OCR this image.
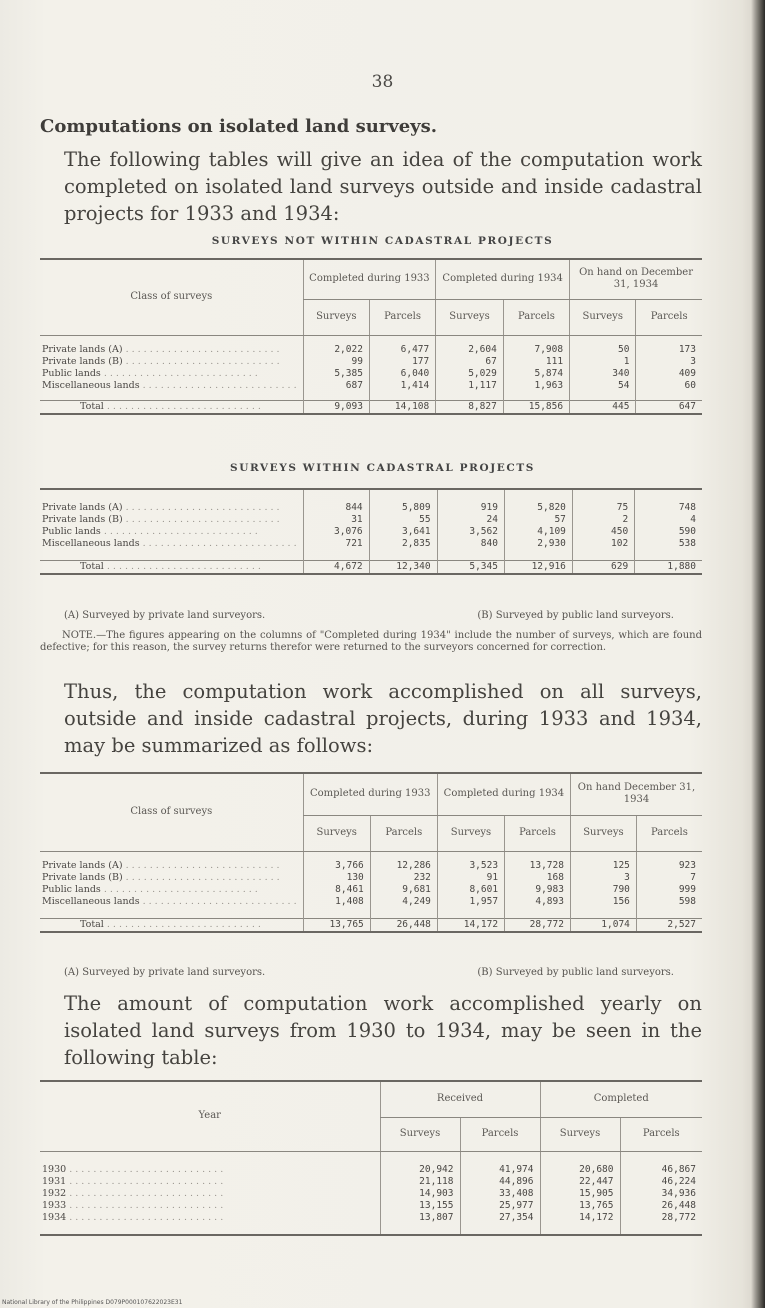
38
Computations on isolated land surveys.
The following tables will give an idea of the computation work completed on isolated land surveys outside and inside cadastral projects for 1933 and 1934:
SURVEYS NOT WITHIN CADASTRAL PROJECTS
Class of surveys	Completed during 1933		Completed during 1934		On hand on December 31, 1934	
	Surveys	Parcels	Surveys	Parcels	Surveys	Parcels
Private lands (A) . . .	2,022	6,477	2,604	7,908	50	173
Private lands (B) . . .	99	177	67	111	1	3
Public lands . . .	5,385	6,040	5,029	5,874	340	409
Miscellaneous lands . . .	687	1,414	1,117	1,963	54	60
Total . . .	9,093	14,108	8,827	15,856	445	647
SURVEYS WITHIN CADASTRAL PROJECTS
Private lands (A) . . .	844	5,809	919	5,820	75	748
Private lands (B) . . .	31	55	24	57	2	4
Public lands . . .	3,076	3,641	3,562	4,109	450	590
Miscellaneous lands . . .	721	2,835	840	2,930	102	538
Total . . .	4,672	12,340	5,345	12,916	629	1,880
(A) Surveyed by private land surveyors.	(B) Surveyed by public land surveyors.
NOTE.—The figures appearing on the columns of "Completed during 1934" include the number of surveys, which are found defective; for this reason, the survey returns therefor were returned to the surveyors concerned for correction.
Thus, the computation work accomplished on all surveys, outside and inside cadastral projects, during 1933 and 1934, may be summarized as follows:
Class of surveys	Completed during 1933		Completed during 1934		On hand December 31, 1934	
	Surveys	Parcels	Surveys	Parcels	Surveys	Parcels
Private lands (A) . . .	3,766	12,286	3,523	13,728	125	923
Private lands (B) . . .	130	232	91	168	3	7
Public lands . . .	8,461	9,681	8,601	9,983	790	999
Miscellaneous lands . . .	1,408	4,249	1,957	4,893	156	598
Total . . .	13,765	26,448	14,172	28,772	1,074	2,527
(A) Surveyed by private land surveyors.	(B) Surveyed by public land surveyors.
The amount of computation work accomplished yearly on isolated land surveys from 1930 to 1934, may be seen in the following table:
Year	Received		Completed	
	Surveys	Parcels	Surveys	Parcels
1930 . . .	20,942	41,974	20,680	46,867
1931 . . .	21,118	44,896	22,447	46,224
1932 . . .	14,903	33,408	15,905	34,936
1933 . . .	13,155	25,977	13,765	26,448
1934 . . .	13,807	27,354	14,172	28,772
National Library of the Philippines D079P000107622023E31
